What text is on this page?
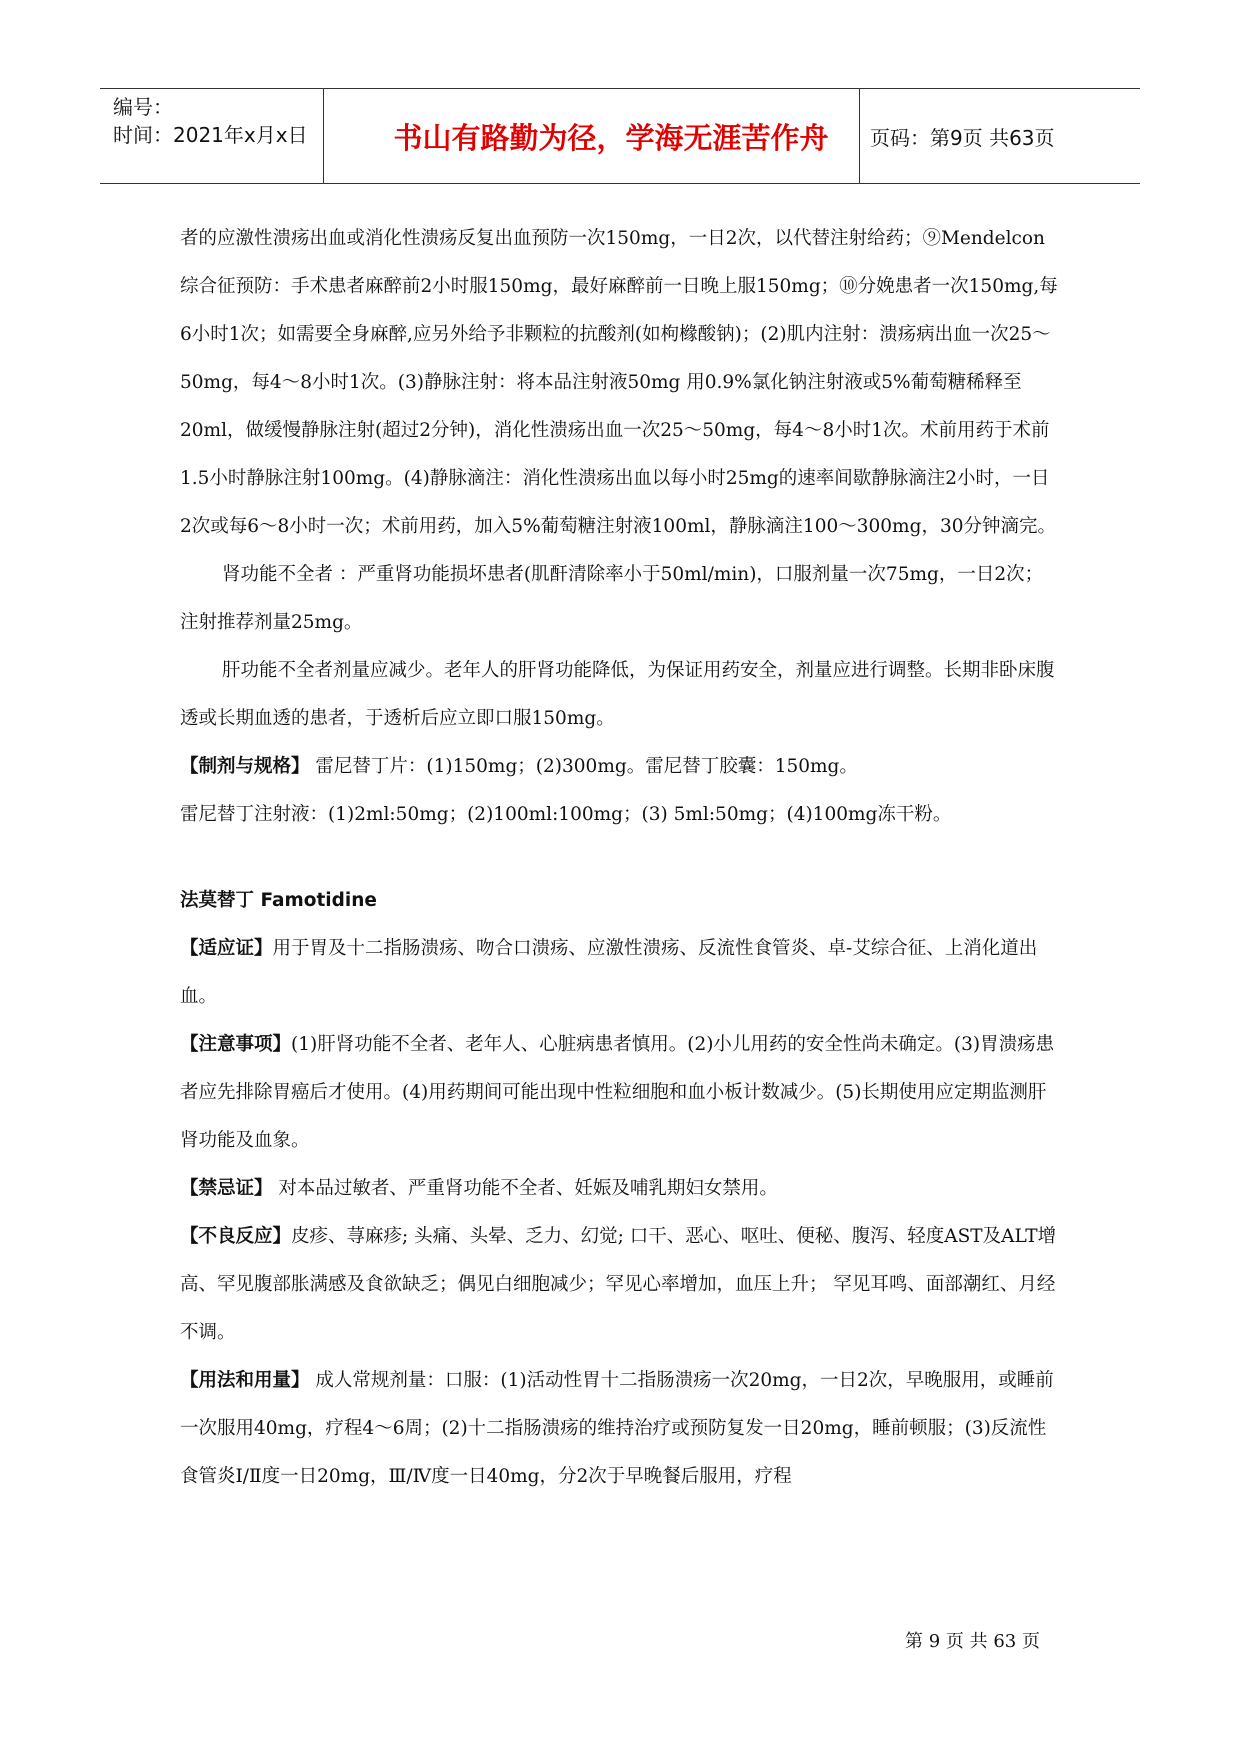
编号：
时间：2021年x月x日	书山有路勤为径，学海无涯苦作舟	页码：第9页 共63页

者的应激性溃疡出血或消化性溃疡反复出血预防一次150mg，一日2次，以代替注射给药；⑨Mendelcon综合征预防：手术患者麻醉前2小时服150mg，最好麻醉前一日晚上服150mg；⑩分娩患者一次150mg,每6小时1次；如需要全身麻醉,应另外给予非颗粒的抗酸剂(如枸橼酸钠)；(2)肌内注射：溃疡病出血一次25～50mg，每4～8小时1次。(3)静脉注射：将本品注射液50mg 用0.9%氯化钠注射液或5%葡萄糖稀释至20ml，做缓慢静脉注射(超过2分钟)，消化性溃疡出血一次25～50mg，每4～8小时1次。术前用药于术前1.5小时静脉注射100mg。(4)静脉滴注：消化性溃疡出血以每小时25mg的速率间歇静脉滴注2小时，一日2次或每6～8小时一次；术前用药，加入5%葡萄糖注射液100ml，静脉滴注100～300mg，30分钟滴完。

肾功能不全者 ：严重肾功能损坏患者(肌酐清除率小于50ml/min)，口服剂量一次75mg，一日2次；注射推荐剂量25mg。

肝功能不全者剂量应减少。老年人的肝肾功能降低，为保证用药安全，剂量应进行调整。长期非卧床腹透或长期血透的患者，于透析后应立即口服150mg。

【制剂与规格】 雷尼替丁片：(1)150mg；(2)300mg。雷尼替丁胶囊：150mg。

雷尼替丁注射液：(1)2ml:50mg；(2)100ml:100mg；(3) 5ml:50mg；(4)100mg冻干粉。

法莫替丁 Famotidine

【适应证】用于胃及十二指肠溃疡、吻合口溃疡、应激性溃疡、反流性食管炎、卓-艾综合征、上消化道出血。

【注意事项】(1)肝肾功能不全者、老年人、心脏病患者慎用。(2)小儿用药的安全性尚未确定。(3)胃溃疡患者应先排除胃癌后才使用。(4)用药期间可能出现中性粒细胞和血小板计数减少。(5)长期使用应定期监测肝肾功能及血象。

【禁忌证】 对本品过敏者、严重肾功能不全者、妊娠及哺乳期妇女禁用。

【不良反应】皮疹、荨麻疹; 头痛、头晕、乏力、幻觉; 口干、恶心、呕吐、便秘、腹泻、轻度AST及ALT增高、罕见腹部胀满感及食欲缺乏；偶见白细胞减少；罕见心率增加，血压上升； 罕见耳鸣、面部潮红、月经不调。

【用法和用量】 成人常规剂量：口服：(1)活动性胃十二指肠溃疡一次20mg，一日2次，早晚服用，或睡前一次服用40mg，疗程4～6周；(2)十二指肠溃疡的维持治疗或预防复发一日20mg，睡前顿服；(3)反流性食管炎Ⅰ/Ⅱ度一日20mg，Ⅲ/Ⅳ度一日40mg，分2次于早晚餐后服用，疗程

第 9 页 共 63 页
